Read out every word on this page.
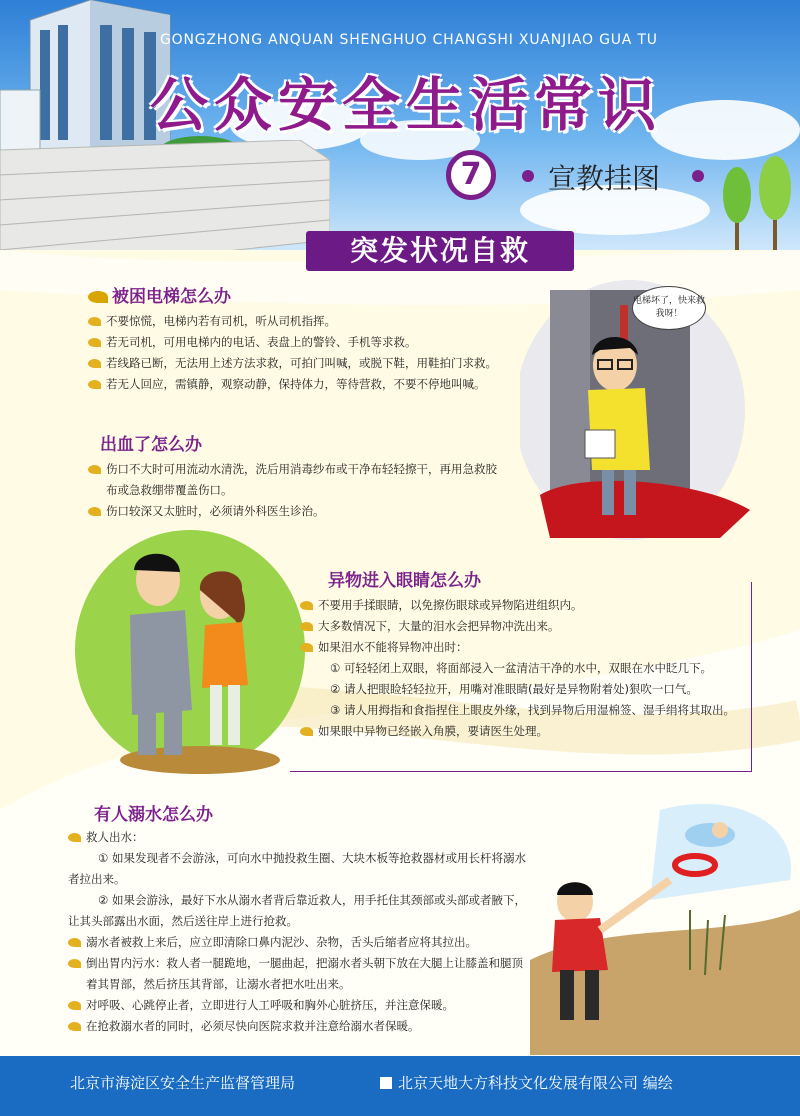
GONGZHONG ANQUAN SHENGHUO CHANGSHI XUANJIAO GUA TU
公众安全生活常识
7	宣教挂图
突发状况自救
被困电梯怎么办
不要惊慌，电梯内若有司机，听从司机指挥。
若无司机，可用电梯内的电话、表盘上的警铃、手机等求救。
若线路已断，无法用上述方法求救，可拍门叫喊，或脱下鞋，用鞋拍门求救。
若无人回应，需镇静，观察动静，保持体力，等待营救，不要不停地叫喊。
电梯坏了，快来救我呀！
出血了怎么办
伤口不大时可用流动水清洗，洗后用消毒纱布或干净布轻轻擦干，再用急救胶布或急救绷带覆盖伤口。
伤口较深又太脏时，必须请外科医生诊治。
异物进入眼睛怎么办
不要用手揉眼睛，以免擦伤眼球或异物陷进组织内。
大多数情况下，大量的泪水会把异物冲洗出来。
如果泪水不能将异物冲出时：
① 可轻轻闭上双眼，将面部浸入一盆清洁干净的水中，双眼在水中眨几下。
② 请人把眼睑轻轻拉开，用嘴对准眼睛(最好是异物附着处)狠吹一口气。
③ 请人用拇指和食指捏住上眼皮外缘，找到异物后用湿棉签、湿手绢将其取出。
如果眼中异物已经嵌入角膜，要请医生处理。
有人溺水怎么办
救人出水：
① 如果发现者不会游泳，可向水中抛投救生圈、大块木板等抢救器材或用长杆将溺水者拉出来。
② 如果会游泳，最好下水从溺水者背后靠近救人，用手托住其颈部或头部或者腋下，让其头部露出水面，然后送往岸上进行抢救。
溺水者被救上来后，应立即清除口鼻内泥沙、杂物，舌头后缩者应将其拉出。
倒出胃内污水：救人者一腿跪地，一腿曲起，把溺水者头朝下放在大腿上让膝盖和腿顶着其胃部，然后挤压其背部，让溺水者把水吐出来。
对呼吸、心跳停止者，立即进行人工呼吸和胸外心脏挤压，并注意保暖。
在抢救溺水者的同时，必须尽快向医院求救并注意给溺水者保暖。
北京市海淀区安全生产监督管理局	北京天地大方科技文化发展有限公司 编绘
